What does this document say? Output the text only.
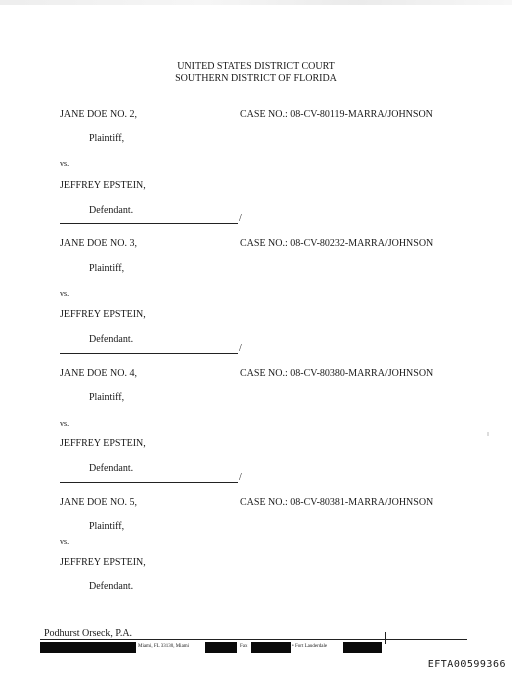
UNITED STATES DISTRICT COURT
SOUTHERN DISTRICT OF FLORIDA
JANE DOE NO. 2,	CASE NO.: 08-CV-80119-MARRA/JOHNSON
Plaintiff,
vs.
JEFFREY EPSTEIN,
Defendant.
/
JANE DOE NO. 3,	CASE NO.: 08-CV-80232-MARRA/JOHNSON
Plaintiff,
vs.
JEFFREY EPSTEIN,
Defendant.
/
JANE DOE NO. 4,	CASE NO.: 08-CV-80380-MARRA/JOHNSON
Plaintiff,
vs.
JEFFREY EPSTEIN,
Defendant.
/
JANE DOE NO. 5,	CASE NO.: 08-CV-80381-MARRA/JOHNSON
Plaintiff,
vs.
JEFFREY EPSTEIN,
Defendant.
Podhurst Orseck, P.A.
Miami, FL 33130, Miami	Fax	• Fort Lauderdale
EFTA00599366
